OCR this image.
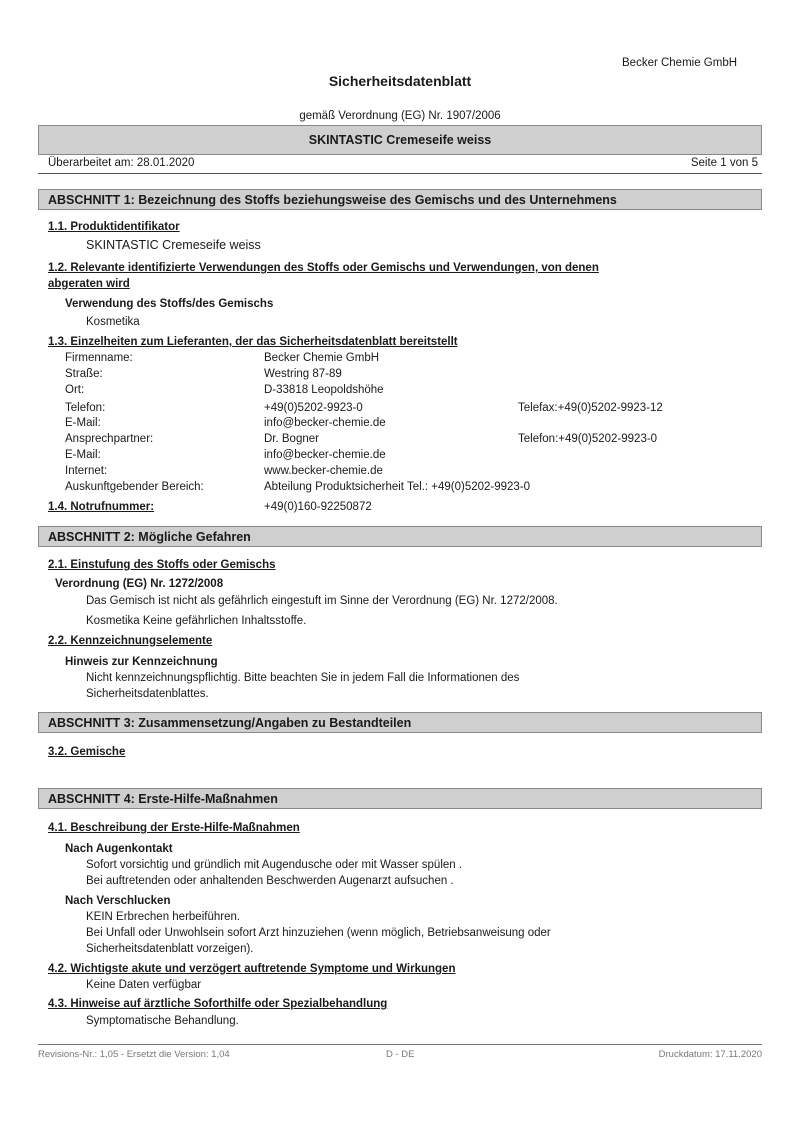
Becker Chemie GmbH
Sicherheitsdatenblatt
gemäß Verordnung (EG) Nr. 1907/2006
SKINTASTIC Cremeseife weiss
Überarbeitet am: 28.01.2020	Seite 1 von 5
ABSCHNITT 1: Bezeichnung des Stoffs beziehungsweise des Gemischs und des Unternehmens
1.1. Produktidentifikator
SKINTASTIC Cremeseife weiss
1.2. Relevante identifizierte Verwendungen des Stoffs oder Gemischs und Verwendungen, von denen
abgeraten wird
Verwendung des Stoffs/des Gemischs
Kosmetika
1.3. Einzelheiten zum Lieferanten, der das Sicherheitsdatenblatt bereitstellt
Firmenname:	Becker Chemie GmbH
Straße:	Westring 87-89
Ort:	D-33818 Leopoldshöhe
Telefon:	+49(0)5202-9923-0	Telefax:+49(0)5202-9923-12
E-Mail:	info@becker-chemie.de
Ansprechpartner:	Dr. Bogner	Telefon:+49(0)5202-9923-0
E-Mail:	info@becker-chemie.de
Internet:	www.becker-chemie.de
Auskunftgebender Bereich:	Abteilung Produktsicherheit Tel.: +49(0)5202-9923-0
1.4. Notrufnummer:	+49(0)160-92250872
ABSCHNITT 2: Mögliche Gefahren
2.1. Einstufung des Stoffs oder Gemischs
Verordnung (EG) Nr. 1272/2008
Das Gemisch ist nicht als gefährlich eingestuft im Sinne der Verordnung (EG) Nr. 1272/2008.
Kosmetika Keine gefährlichen Inhaltsstoffe.
2.2. Kennzeichnungselemente
Hinweis zur Kennzeichnung
Nicht kennzeichnungspflichtig. Bitte beachten Sie in jedem Fall die Informationen des
Sicherheitsdatenblattes.
ABSCHNITT 3: Zusammensetzung/Angaben zu Bestandteilen
3.2. Gemische
ABSCHNITT 4: Erste-Hilfe-Maßnahmen
4.1. Beschreibung der Erste-Hilfe-Maßnahmen
Nach Augenkontakt
Sofort vorsichtig und gründlich mit Augendusche oder mit Wasser spülen .
Bei auftretenden oder anhaltenden Beschwerden Augenarzt aufsuchen .
Nach Verschlucken
KEIN Erbrechen herbeiführen.
Bei Unfall oder Unwohlsein sofort Arzt hinzuziehen (wenn möglich, Betriebsanweisung oder
Sicherheitsdatenblatt vorzeigen).
4.2. Wichtigste akute und verzögert auftretende Symptome und Wirkungen
Keine Daten verfügbar
4.3. Hinweise auf ärztliche Soforthilfe oder Spezialbehandlung
Symptomatische Behandlung.
Revisions-Nr.: 1,05 - Ersetzt die Version: 1,04	D - DE	Druckdatum: 17.11.2020
